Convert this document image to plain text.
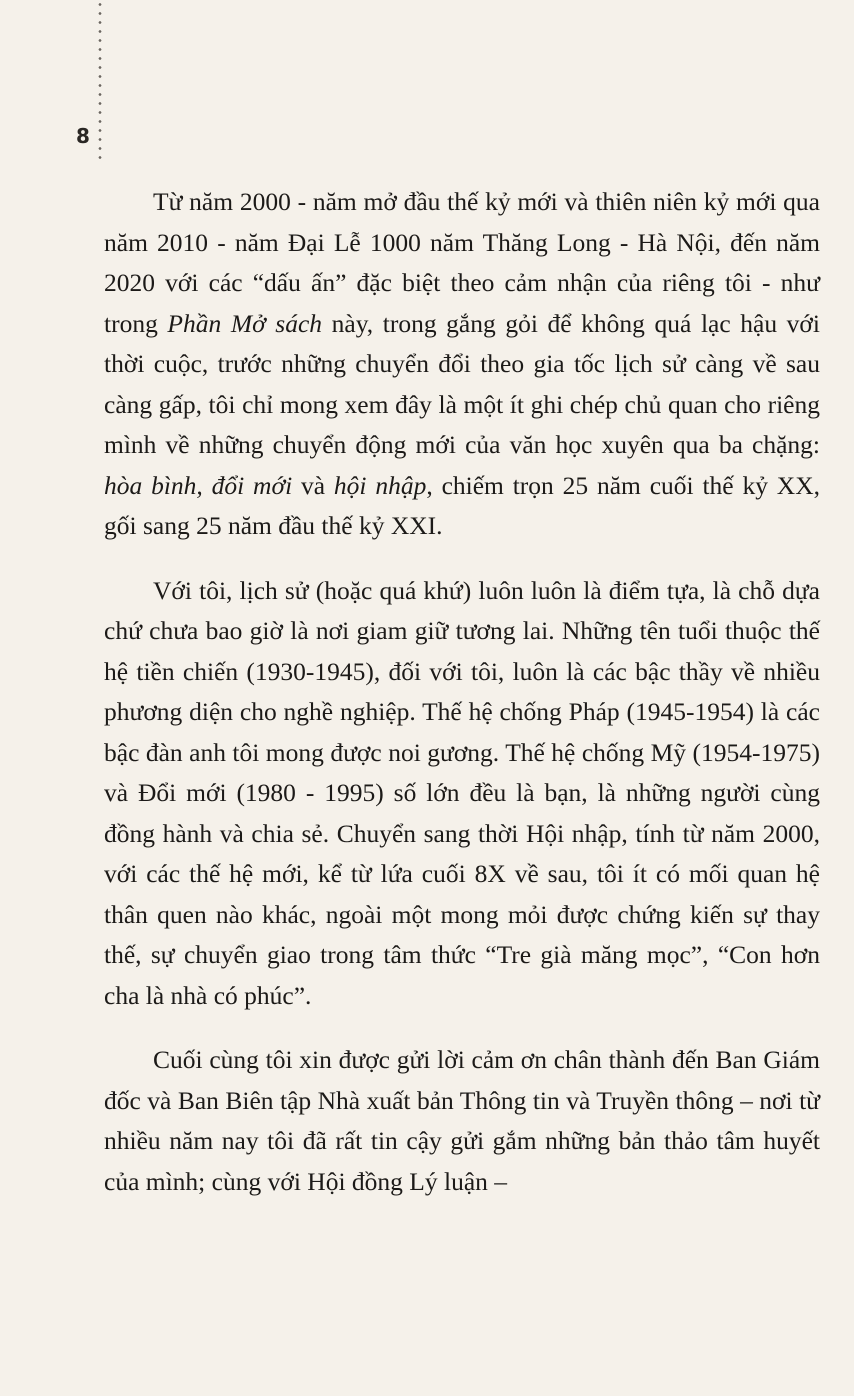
8

Từ năm 2000 - năm mở đầu thế kỷ mới và thiên niên kỷ mới qua năm 2010 - năm Đại Lễ 1000 năm Thăng Long - Hà Nội, đến năm 2020 với các “dấu ấn” đặc biệt theo cảm nhận của riêng tôi - như trong Phần Mở sách này, trong gắng gỏi để không quá lạc hậu với thời cuộc, trước những chuyển đổi theo gia tốc lịch sử càng về sau càng gấp, tôi chỉ mong xem đây là một ít ghi chép chủ quan cho riêng mình về những chuyển động mới của văn học xuyên qua ba chặng: hòa bình, đổi mới và hội nhập, chiếm trọn 25 năm cuối thế kỷ XX, gối sang 25 năm đầu thế kỷ XXI.

Với tôi, lịch sử (hoặc quá khứ) luôn luôn là điểm tựa, là chỗ dựa chứ chưa bao giờ là nơi giam giữ tương lai. Những tên tuổi thuộc thế hệ tiền chiến (1930-1945), đối với tôi, luôn là các bậc thầy về nhiều phương diện cho nghề nghiệp. Thế hệ chống Pháp (1945-1954) là các bậc đàn anh tôi mong được noi gương. Thế hệ chống Mỹ (1954-1975) và Đổi mới (1980 - 1995) số lớn đều là bạn, là những người cùng đồng hành và chia sẻ. Chuyển sang thời Hội nhập, tính từ năm 2000, với các thế hệ mới, kể từ lứa cuối 8X về sau, tôi ít có mối quan hệ thân quen nào khác, ngoài một mong mỏi được chứng kiến sự thay thế, sự chuyển giao trong tâm thức “Tre già măng mọc”, “Con hơn cha là nhà có phúc”.

Cuối cùng tôi xin được gửi lời cảm ơn chân thành đến Ban Giám đốc và Ban Biên tập Nhà xuất bản Thông tin và Truyền thông – nơi từ nhiều năm nay tôi đã rất tin cậy gửi gắm những bản thảo tâm huyết của mình; cùng với Hội đồng Lý luận –
